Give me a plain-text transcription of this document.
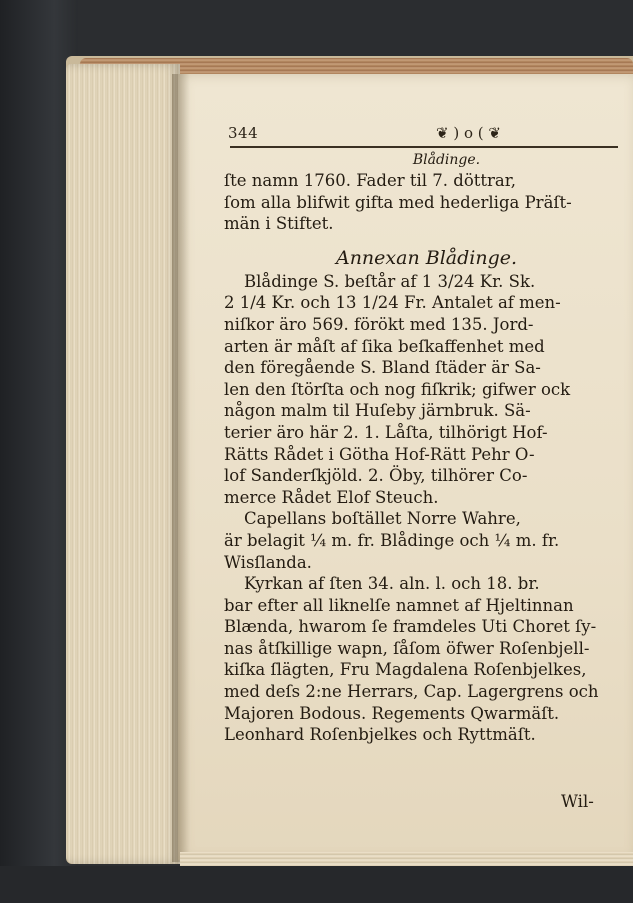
344	❦ ) o ( ❦
Blådinge.

ſte namn 1760. Fader til 7. döttrar,
ſom alla blifwit gifta med hederliga Präſt-
män i Stiftet.

Annexan Blådinge.

Blådinge S. beſtår af 1 3/24 Kr. Sk.
2 1/4 Kr. och 13 1/24 Fr. Antalet af men-
niſkor äro 569. förökt med 135. Jord-
arten är måſt af ſika beſkaffenhet med
den föregående S. Bland ſtäder är Sa-
len den ſtörſta och nog fiſkrik; gifwer ock
någon malm til Huſeby järnbruk. Sä-
terier äro här 2. 1. Låſta, tilhörigt Hof-
Rätts Rådet i Götha Hof-Rätt Pehr O-
lof Sanderſkjöld. 2. Öby, tilhörer Co-
merce Rådet Elof Steuch.

Capellans boſtället Norre Wahre,
är belagit ¼ m. fr. Blådinge och ¼ m. fr.
Wisſlanda.

Kyrkan af ſten 34. aln. l. och 18. br.
bar efter all liknelſe namnet af Hjeltinnan
Blænda, hwarom ſe framdeles Uti Choret ſy-
nas åtſkillige wapn, ſåſom öfwer Roſenbjell-
kiſka ſlägten, Fru Magdalena Roſenbjelkes,
med deſs 2:ne Herrars, Cap. Lagergrens och
Majoren Bodous. Regements Qwarmäſt.
Leonhard Roſenbjelkes och Ryttmäſt.

Wil-
